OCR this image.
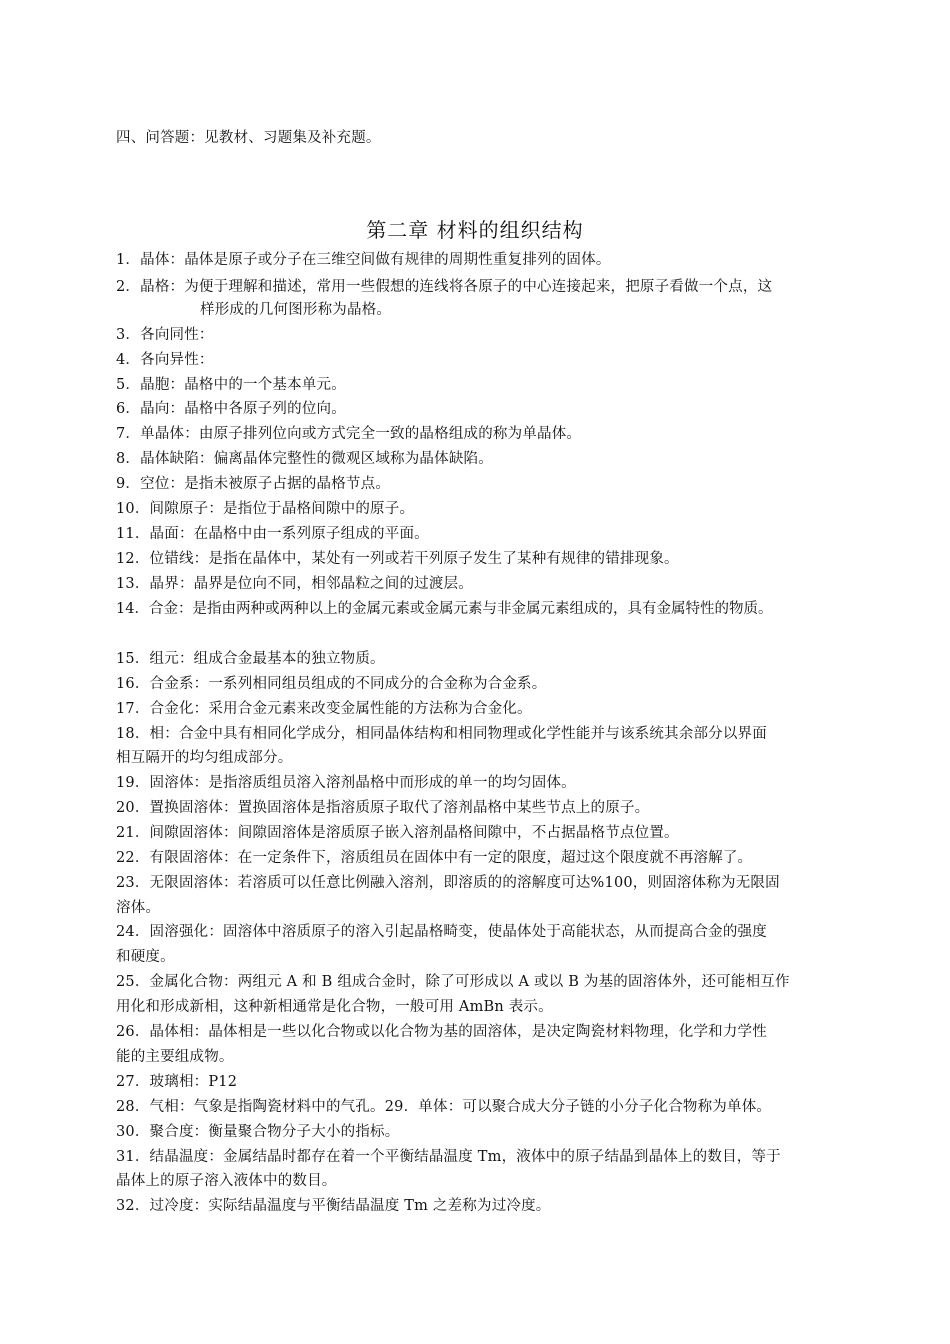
四、问答题：见教材、习题集及补充题。
第二章 材料的组织结构
1．晶体：晶体是原子或分子在三维空间做有规律的周期性重复排列的固体。
2．晶格：为便于理解和描述，常用一些假想的连线将各原子的中心连接起来，把原子看做一个点，这
样形成的几何图形称为晶格。
3．各向同性：
4．各向异性：
5．晶胞：晶格中的一个基本单元。
6．晶向：晶格中各原子列的位向。
7．单晶体：由原子排列位向或方式完全一致的晶格组成的称为单晶体。
8．晶体缺陷：偏离晶体完整性的微观区域称为晶体缺陷。
9．空位：是指未被原子占据的晶格节点。
10．间隙原子：是指位于晶格间隙中的原子。
11．晶面：在晶格中由一系列原子组成的平面。
12．位错线：是指在晶体中，某处有一列或若干列原子发生了某种有规律的错排现象。
13．晶界：晶界是位向不同，相邻晶粒之间的过渡层。
14．合金：是指由两种或两种以上的金属元素或金属元素与非金属元素组成的，具有金属特性的物质。
15．组元：组成合金最基本的独立物质。
16．合金系：一系列相同组员组成的不同成分的合金称为合金系。
17．合金化：采用合金元素来改变金属性能的方法称为合金化。
18．相：合金中具有相同化学成分，相同晶体结构和相同物理或化学性能并与该系统其余部分以界面
相互隔开的均匀组成部分。
19．固溶体：是指溶质组员溶入溶剂晶格中而形成的单一的均匀固体。
20．置换固溶体：置换固溶体是指溶质原子取代了溶剂晶格中某些节点上的原子。
21．间隙固溶体：间隙固溶体是溶质原子嵌入溶剂晶格间隙中，不占据晶格节点位置。
22．有限固溶体：在一定条件下，溶质组员在固体中有一定的限度，超过这个限度就不再溶解了。
23．无限固溶体：若溶质可以任意比例融入溶剂，即溶质的的溶解度可达%100，则固溶体称为无限固
溶体。
24．固溶强化：固溶体中溶质原子的溶入引起晶格畸变，使晶体处于高能状态，从而提高合金的强度
和硬度。
25．金属化合物：两组元 A 和 B 组成合金时，除了可形成以 A 或以 B 为基的固溶体外，还可能相互作
用化和形成新相，这种新相通常是化合物，一般可用 AmBn 表示。
26．晶体相：晶体相是一些以化合物或以化合物为基的固溶体，是决定陶瓷材料物理，化学和力学性
能的主要组成物。
27．玻璃相：P12
28．气相：气象是指陶瓷材料中的气孔。29．单体：可以聚合成大分子链的小分子化合物称为单体。
30．聚合度：衡量聚合物分子大小的指标。
31．结晶温度：金属结晶时都存在着一个平衡结晶温度 Tm，液体中的原子结晶到晶体上的数目，等于
晶体上的原子溶入液体中的数目。
32．过冷度：实际结晶温度与平衡结晶温度 Tm 之差称为过冷度。
